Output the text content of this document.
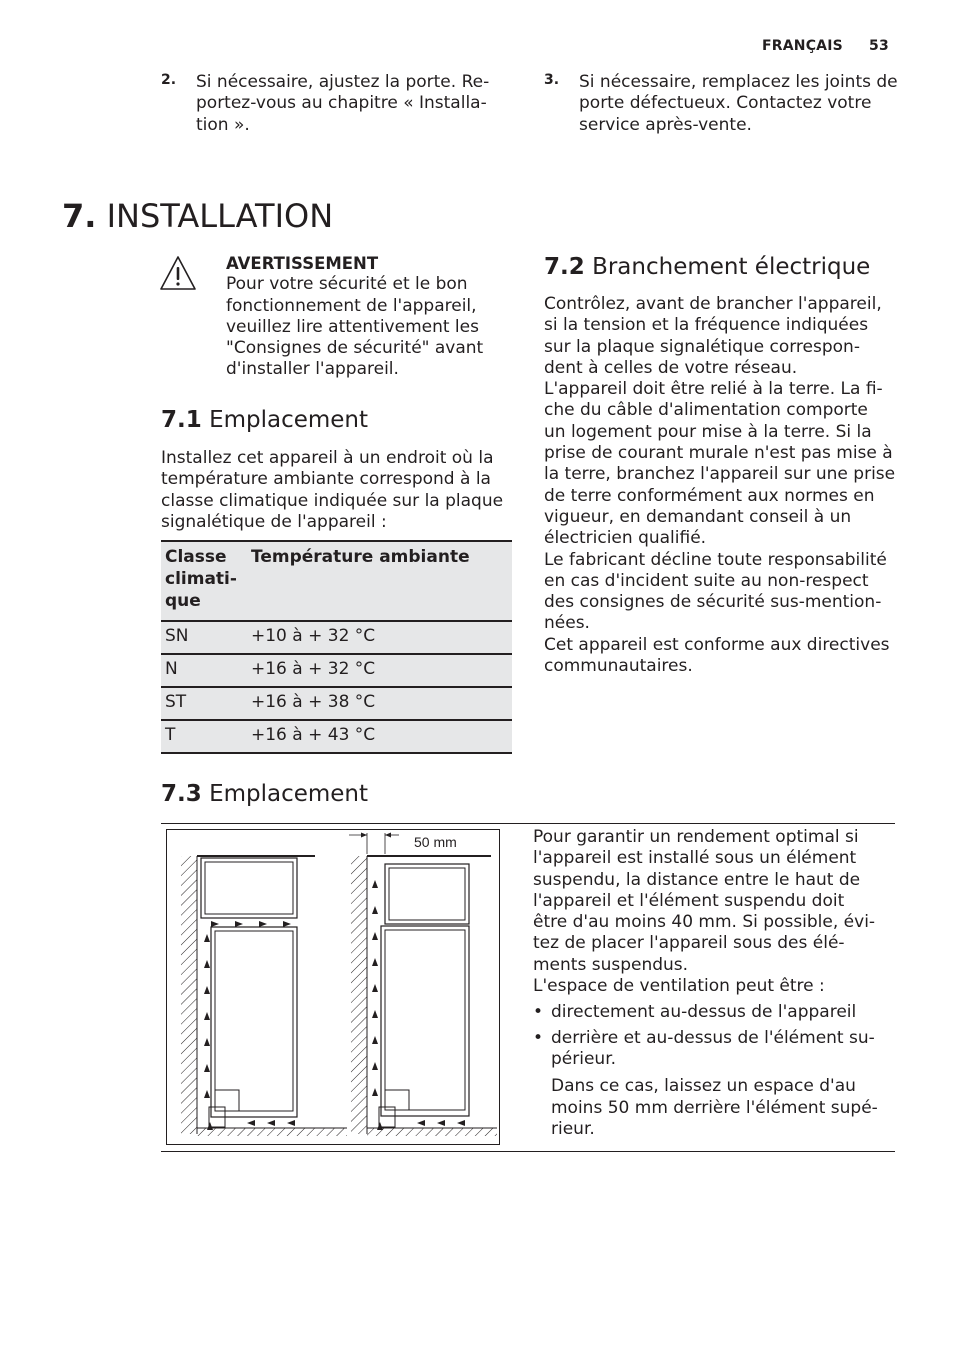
FRANÇAIS 53
2. Si nécessaire, ajustez la porte. Re-
portez-vous au chapitre « Installa-
tion ».
3. Si nécessaire, remplacez les joints de
porte défectueux. Contactez votre
service après-vente.
7. INSTALLATION
AVERTISSEMENT
Pour votre sécurité et le bon
fonctionnement de l'appareil,
veuillez lire attentivement les
"Consignes de sécurité" avant
d'installer l'appareil.
7.1 Emplacement
Installez cet appareil à un endroit où la
température ambiante correspond à la
classe climatique indiquée sur la plaque
signalétique de l'appareil :
Classe
climati-
que	Température ambiante
SN	+10 à + 32 °C
N	+16 à + 32 °C
ST	+16 à + 38 °C
T	+16 à + 43 °C
7.2 Branchement électrique
Contrôlez, avant de brancher l'appareil,
si la tension et la fréquence indiquées
sur la plaque signalétique correspon-
dent à celles de votre réseau.
L'appareil doit être relié à la terre. La fi-
che du câble d'alimentation comporte
un logement pour mise à la terre. Si la
prise de courant murale n'est pas mise à
la terre, branchez l'appareil sur une prise
de terre conformément aux normes en
vigueur, en demandant conseil à un
électricien qualifié.
Le fabricant décline toute responsabilité
en cas d'incident suite au non-respect
des consignes de sécurité sus-mention-
nées.
Cet appareil est conforme aux directives
communautaires.
7.3 Emplacement
50 mm	Pour garantir un rendement optimal si
l'appareil est installé sous un élément
suspendu, la distance entre le haut de
l'appareil et l'élément suspendu doit
être d'au moins 40 mm. Si possible, évi-
tez de placer l'appareil sous des élé-
ments suspendus.
L'espace de ventilation peut être :
• directement au-dessus de l'appareil
• derrière et au-dessus de l'élément su-
périeur.
Dans ce cas, laissez un espace d'au
moins 50 mm derrière l'élément supé-
rieur.
